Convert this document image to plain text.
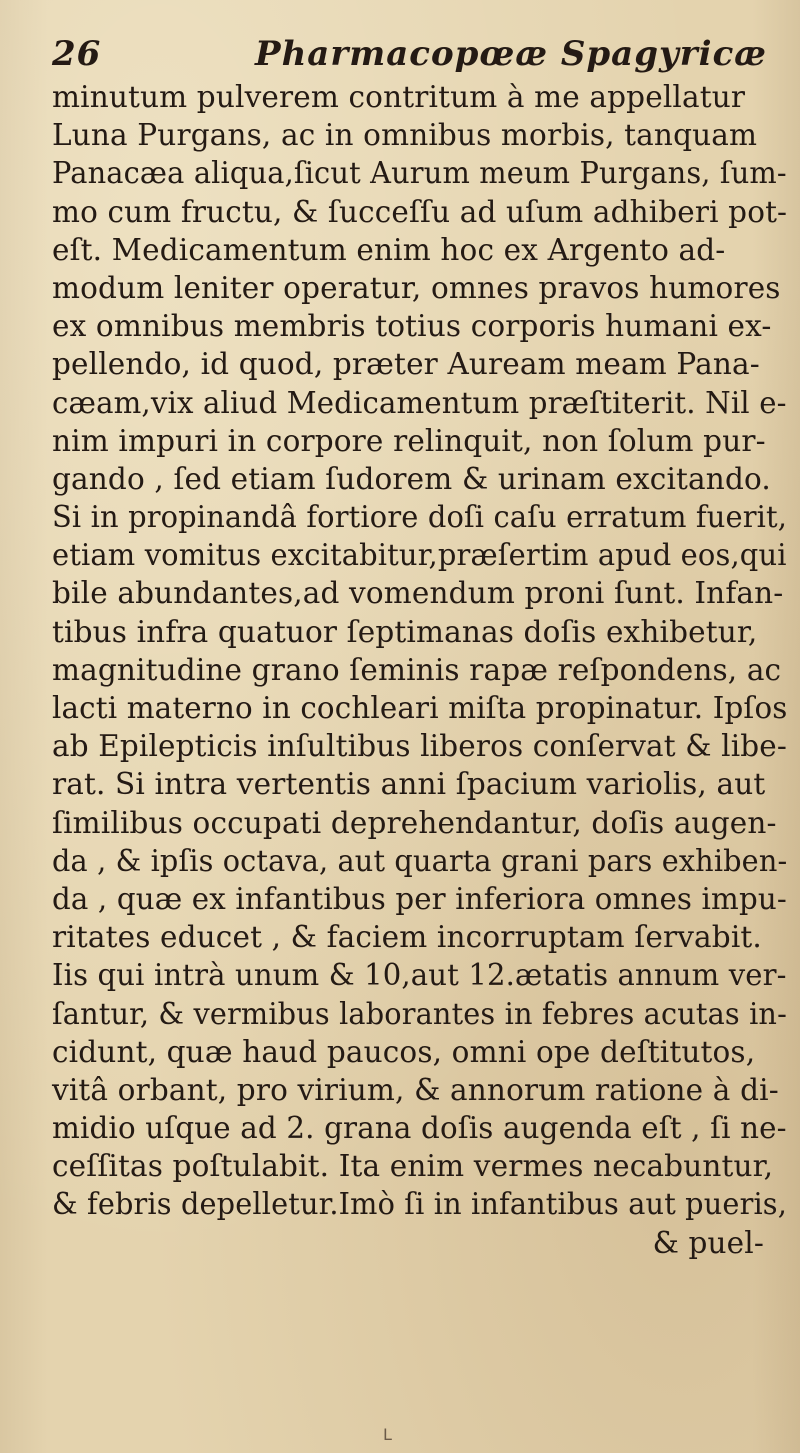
26	Pharmacopœæ Spagyricæ
minutum pulverem contritum à me appellatur
Luna Purgans, ac in omnibus morbis, tanquam
Panacæa aliqua,ſicut Aurum meum Purgans, ſum-
mo cum fructu, & ſucceſſu ad uſum adhiberi pot-
eſt. Medicamentum enim hoc ex Argento ad-
modum leniter operatur, omnes pravos humores
ex omnibus membris totius corporis humani ex-
pellendo, id quod, præter Auream meam Pana-
cæam,vix aliud Medicamentum præſtiterit. Nil e-
nim impuri in corpore relinquit, non ſolum pur-
gando , ſed etiam ſudorem & urinam excitando.
Si in propinandâ fortiore doſi caſu erratum fuerit,
etiam vomitus excitabitur,præſertim apud eos,qui
bile abundantes,ad vomendum proni ſunt. Infan-
tibus infra quatuor ſeptimanas doſis exhibetur,
magnitudine grano ſeminis rapæ reſpondens, ac
lacti materno in cochleari miſta propinatur. Ipſos
ab Epilepticis inſultibus liberos conſervat & libe-
rat. Si intra vertentis anni ſpacium variolis, aut
ſimilibus occupati deprehendantur, doſis augen-
da , & ipſis octava, aut quarta grani pars exhiben-
da , quæ ex infantibus per inferiora omnes impu-
ritates educet , & faciem incorruptam ſervabit.
Iis qui intrà unum & 10,aut 12.ætatis annum ver-
ſantur, & vermibus laborantes in febres acutas in-
cidunt, quæ haud paucos, omni ope deſtitutos,
vitâ orbant, pro virium, & annorum ratione à di-
midio uſque ad 2. grana doſis augenda eſt , ſi ne-
ceſſitas poſtulabit. Ita enim vermes necabuntur,
& febris depelletur.Imò ſi in infantibus aut pueris,
& puel-
L
